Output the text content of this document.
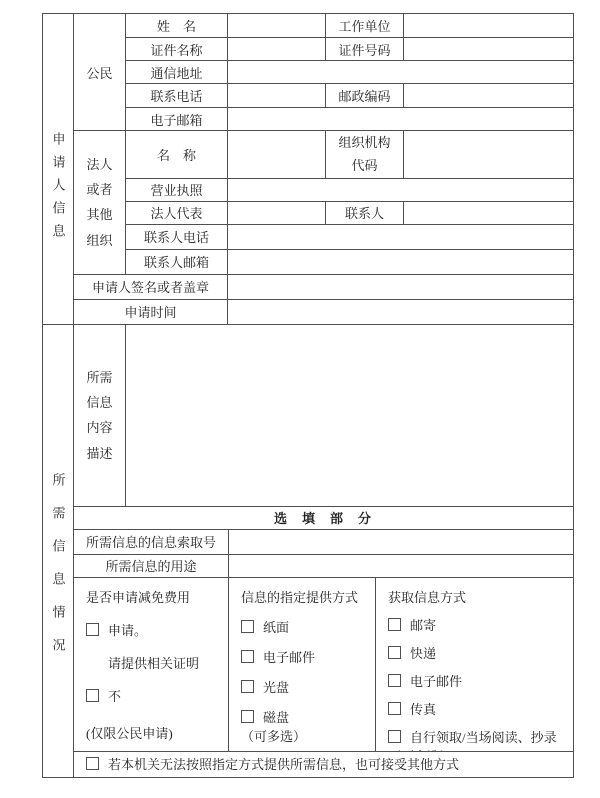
申请人信息	公民	姓　名		工作单位	
		证件名称		证件号码	
		通信地址			
		联系电话		邮政编码	
		电子邮箱			
	法人或者其他组织	名　称		组织机构代码	
		营业执照			
		法人代表		联系人	
		联系人电话			
		联系人邮箱			
	申请人签名或者盖章				
	申请时间				
所需信息情况	所需信息内容描述			
	选填部分			
	所需信息的信息索取号			
	所需信息的用途			

是否申请减免费用
申请。
请提供相关证明
不
(仅限公民申请)

信息的指定提供方式
纸面
电子邮件
光盘
磁盘
（可多选）

获取信息方式
邮寄
快递
电子邮件
传真
自行领取/当场阅读、抄录

	若本机关无法按照指定方式提供所需信息，也可接受其他方式			
